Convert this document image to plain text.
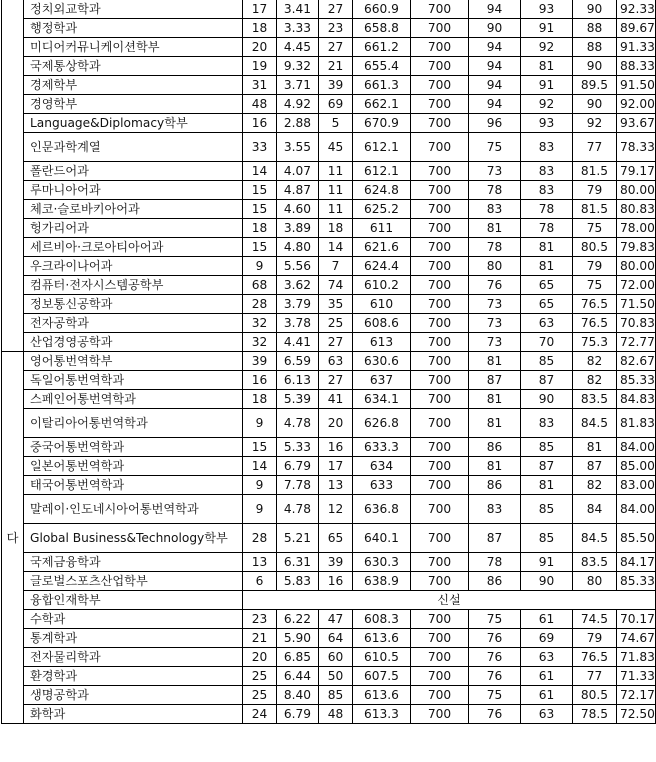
	정치외교학과	17	3.41	27	660.9	700	94	93	90	92.33
	행정학과	18	3.33	23	658.8	700	90	91	88	89.67
	미디어커뮤니케이션학부	20	4.45	27	661.2	700	94	92	88	91.33
	국제통상학과	19	9.32	21	655.4	700	94	81	90	88.33
	경제학부	31	3.71	39	661.3	700	94	91	89.5	91.50
	경영학부	48	4.92	69	662.1	700	94	92	90	92.00
	Language&Diplomacy학부	16	2.88	5	670.9	700	96	93	92	93.67
	인문과학계열	33	3.55	45	612.1	700	75	83	77	78.33
	폴란드어과	14	4.07	11	612.1	700	73	83	81.5	79.17
	루마니아어과	15	4.87	11	624.8	700	78	83	79	80.00
	체코·슬로바키아어과	15	4.60	11	625.2	700	83	78	81.5	80.83
	헝가리어과	18	3.89	18	611	700	81	78	75	78.00
	세르비아·크로아티아어과	15	4.80	14	621.6	700	78	81	80.5	79.83
	우크라이나어과	9	5.56	7	624.4	700	80	81	79	80.00
	컴퓨터·전자시스템공학부	68	3.62	74	610.2	700	76	65	75	72.00
	정보통신공학과	28	3.79	35	610	700	73	65	76.5	71.50
	전자공학과	32	3.78	25	608.6	700	73	63	76.5	70.83
	산업경영공학과	32	4.41	27	613	700	73	70	75.3	72.77
다	영어통번역학부	39	6.59	63	630.6	700	81	85	82	82.67
	독일어통번역학과	16	6.13	27	637	700	87	87	82	85.33
	스페인어통번역학과	18	5.39	41	634.1	700	81	90	83.5	84.83
	이탈리아어통번역학과	9	4.78	20	626.8	700	81	83	84.5	81.83
	중국어통번역학과	15	5.33	16	633.3	700	86	85	81	84.00
	일본어통번역학과	14	6.79	17	634	700	81	87	87	85.00
	태국어통번역학과	9	7.78	13	633	700	86	81	82	83.00
	말레이·인도네시아어통번역학과	9	4.78	12	636.8	700	83	85	84	84.00
	Global Business&Technology학부	28	5.21	65	640.1	700	87	85	84.5	85.50
	국제금융학과	13	6.31	39	630.3	700	78	91	83.5	84.17
	글로벌스포츠산업학부	6	5.83	16	638.9	700	86	90	80	85.33
	융합인재학부	신설								
	수학과	23	6.22	47	608.3	700	75	61	74.5	70.17
	통계학과	21	5.90	64	613.6	700	76	69	79	74.67
	전자물리학과	20	6.85	60	610.5	700	76	63	76.5	71.83
	환경학과	25	6.44	50	607.5	700	76	61	77	71.33
	생명공학과	25	8.40	85	613.6	700	75	61	80.5	72.17
	화학과	24	6.79	48	613.3	700	76	63	78.5	72.50
